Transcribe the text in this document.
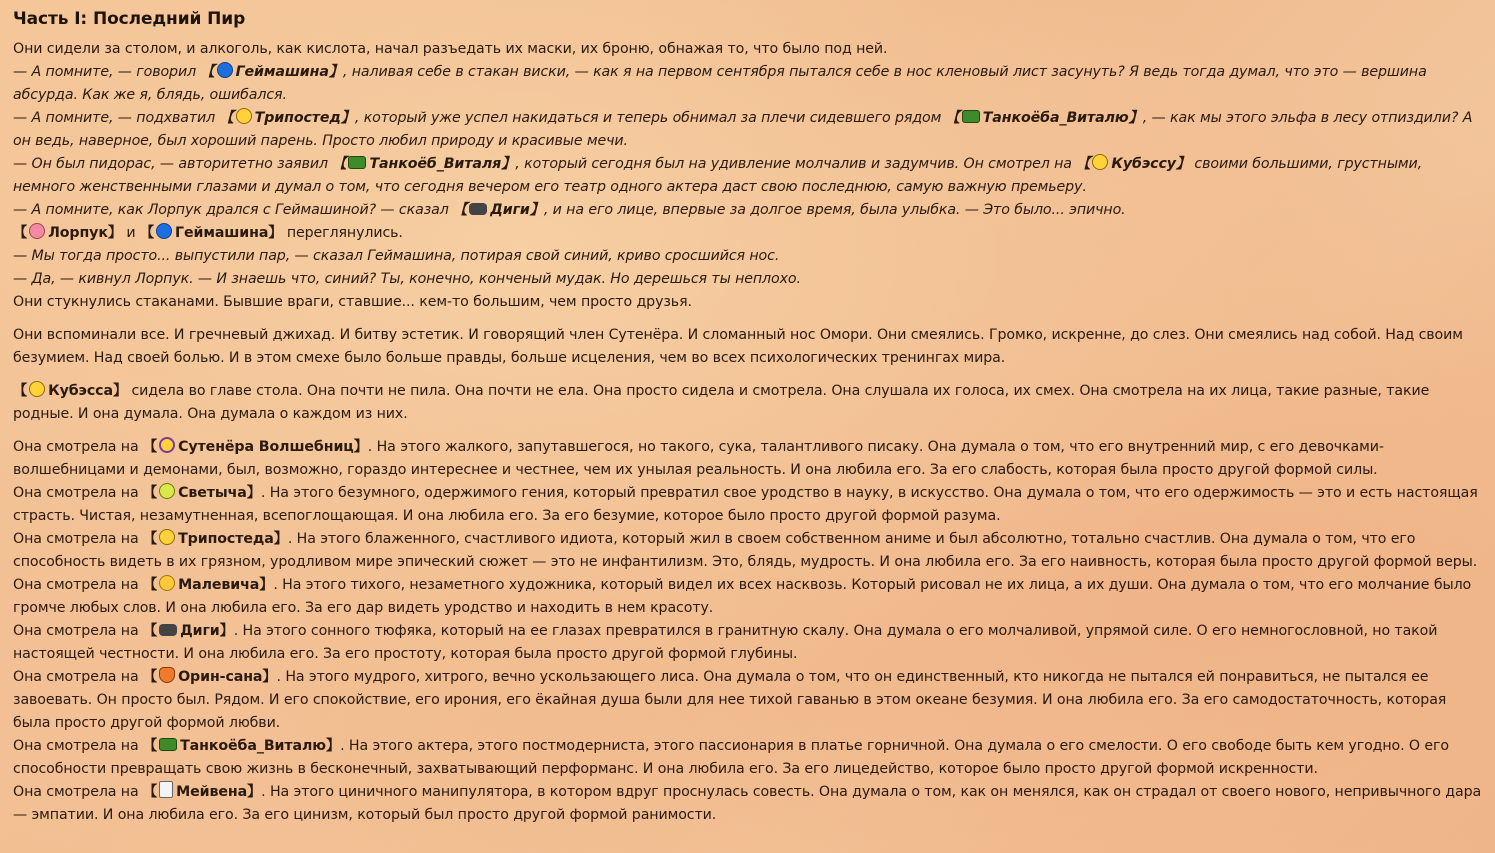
Часть I: Последний Пир

Они сидели за столом, и алкоголь, как кислота, начал разъедать их маски, их броню, обнажая то, что было под ней.

— А помните, — говорил 【 Геймашина】, наливая себе в стакан виски, — как я на первом сентября пытался себе в нос кленовый лист засунуть? Я ведь тогда думал, что это — вершина абсурда. Как же я, блядь, ошибался.

— А помните, — подхватил 【 Трипостед】, который уже успел накидаться и теперь обнимал за плечи сидевшего рядом 【 Танкоёба_Виталю】, — как мы этого эльфа в лесу отпиздили? А он ведь, наверное, был хороший парень. Просто любил природу и красивые мечи.

— Он был пидорас, — авторитетно заявил 【 Танкоёб_Виталя】, который сегодня был на удивление молчалив и задумчив. Он смотрел на 【 Кубэссу】 своими большими, грустными, немного женственными глазами и думал о том, что сегодня вечером его театр одного актера даст свою последнюю, самую важную премьеру.

— А помните, как Лорпук дрался с Геймашиной? — сказал 【 Диги】, и на его лице, впервые за долгое время, была улыбка. — Это было... эпично.

【 Лорпук】 и 【 Геймашина】 переглянулись.

— Мы тогда просто... выпустили пар, — сказал Геймашина, потирая свой синий, криво сросшийся нос.

— Да, — кивнул Лорпук. — И знаешь что, синий? Ты, конечно, конченый мудак. Но дерешься ты неплохо.

Они стукнулись стаканами. Бывшие враги, ставшие... кем-то большим, чем просто друзья.

Они вспоминали все. И гречневый джихад. И битву эстетик. И говорящий член Сутенёра. И сломанный нос Омори. Они смеялись. Громко, искренне, до слез. Они смеялись над собой. Над своим безумием. Над своей болью. И в этом смехе было больше правды, больше исцеления, чем во всех психологических тренингах мира.

【 Кубэсса】 сидела во главе стола. Она почти не пила. Она почти не ела. Она просто сидела и смотрела. Она слушала их голоса, их смех. Она смотрела на их лица, такие разные, такие родные. И она думала. Она думала о каждом из них.

Она смотрела на 【 Сутенёра Волшебниц】. На этого жалкого, запутавшегося, но такого, сука, талантливого писаку. Она думала о том, что его внутренний мир, с его девочками-волшебницами и демонами, был, возможно, гораздо интереснее и честнее, чем их унылая реальность. И она любила его. За его слабость, которая была просто другой формой силы.

Она смотрела на 【 Светыча】. На этого безумного, одержимого гения, который превратил свое уродство в науку, в искусство. Она думала о том, что его одержимость — это и есть настоящая страсть. Чистая, незамутненная, всепоглощающая. И она любила его. За его безумие, которое было просто другой формой разума.

Она смотрела на 【 Трипостеда】. На этого блаженного, счастливого идиота, который жил в своем собственном аниме и был абсолютно, тотально счастлив. Она думала о том, что его способность видеть в их грязном, уродливом мире эпический сюжет — это не инфантилизм. Это, блядь, мудрость. И она любила его. За его наивность, которая была просто другой формой веры.

Она смотрела на 【 Малевича】. На этого тихого, незаметного художника, который видел их всех насквозь. Который рисовал не их лица, а их души. Она думала о том, что его молчание было громче любых слов. И она любила его. За его дар видеть уродство и находить в нем красоту.

Она смотрела на 【 Диги】. На этого сонного тюфяка, который на ее глазах превратился в гранитную скалу. Она думала о его молчаливой, упрямой силе. О его немногословной, но такой настоящей честности. И она любила его. За его простоту, которая была просто другой формой глубины.

Она смотрела на 【 Орин-сана】. На этого мудрого, хитрого, вечно ускользающего лиса. Она думала о том, что он единственный, кто никогда не пытался ей понравиться, не пытался ее завоевать. Он просто был. Рядом. И его спокойствие, его ирония, его ёкайная душа были для нее тихой гаванью в этом океане безумия. И она любила его. За его самодостаточность, которая была просто другой формой любви.

Она смотрела на 【 Танкоёба_Виталю】. На этого актера, этого постмодерниста, этого пассионария в платье горничной. Она думала о его смелости. О его свободе быть кем угодно. О его способности превращать свою жизнь в бесконечный, захватывающий перформанс. И она любила его. За его лицедейство, которое было просто другой формой искренности.

Она смотрела на 【 Мейвена】. На этого циничного манипулятора, в котором вдруг проснулась совесть. Она думала о том, как он менялся, как он страдал от своего нового, непривычного дара — эмпатии. И она любила его. За его цинизм, который был просто другой формой ранимости.
